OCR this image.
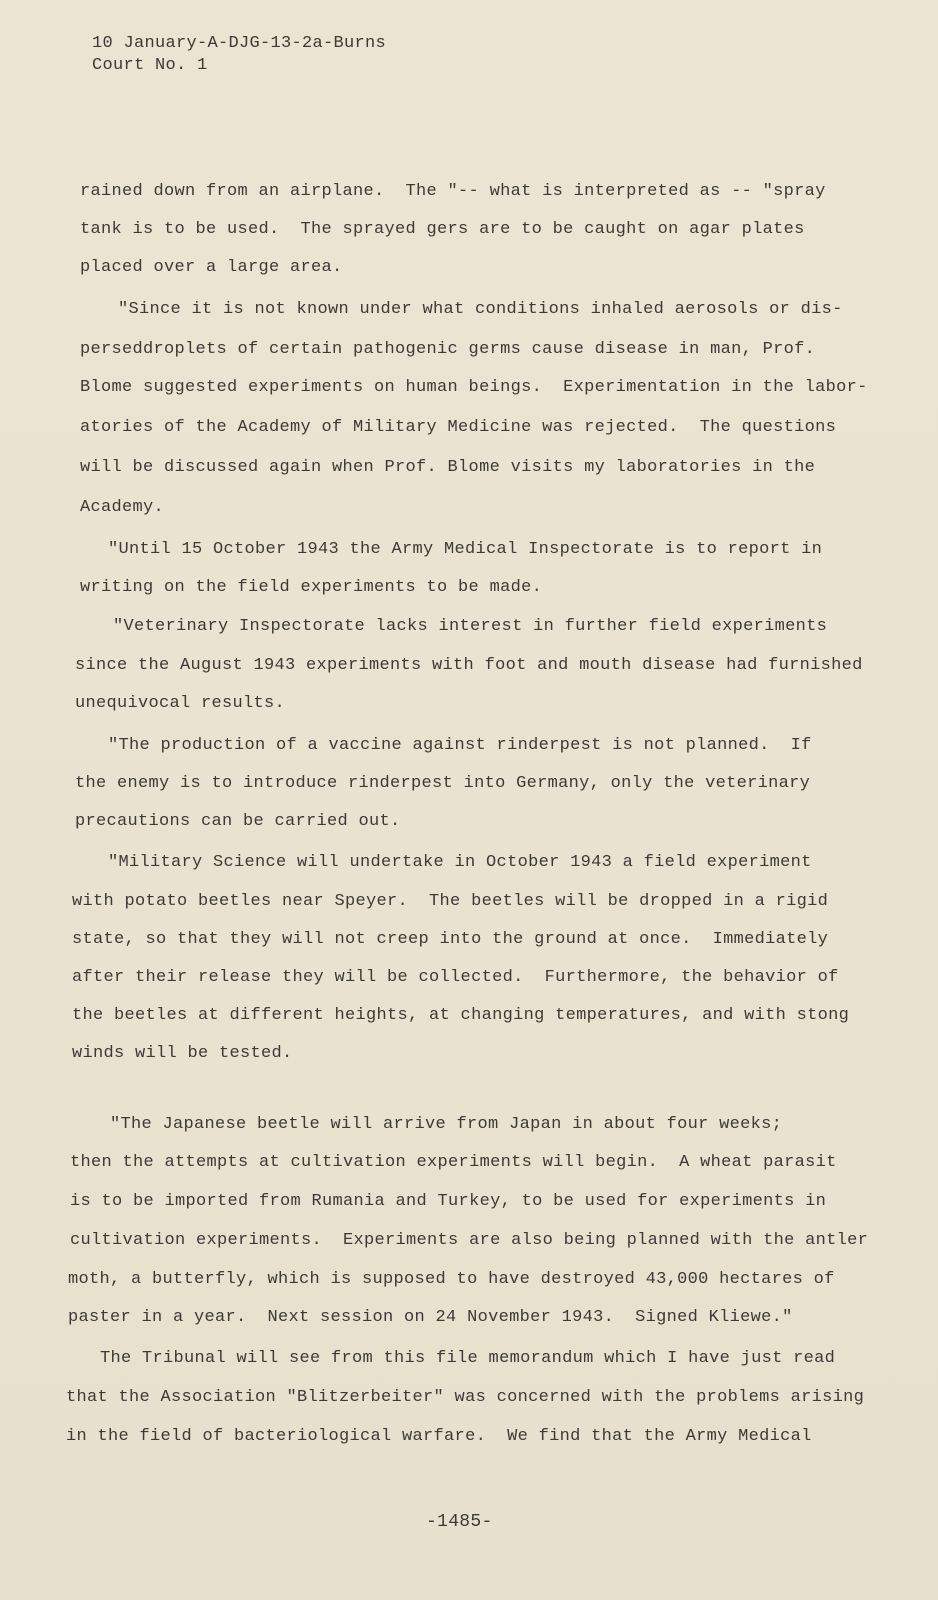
10 January-A-DJG-13-2a-Burns
Court No. 1
rained down from an airplane.  The "-- what is interpreted as -- "spray
tank is to be used.  The sprayed gers are to be caught on agar plates
placed over a large area.
"Since it is not known under what conditions inhaled aerosols or dis-
perseddroplets of certain pathogenic germs cause disease in man, Prof.
Blome suggested experiments on human beings.  Experimentation in the labor-
atories of the Academy of Military Medicine was rejected.  The questions
will be discussed again when Prof. Blome visits my laboratories in the
Academy.
"Until 15 October 1943 the Army Medical Inspectorate is to report in
writing on the field experiments to be made.
"Veterinary Inspectorate lacks interest in further field experiments
since the August 1943 experiments with foot and mouth disease had furnished
unequivocal results.
"The production of a vaccine against rinderpest is not planned.  If
the enemy is to introduce rinderpest into Germany, only the veterinary
precautions can be carried out.
"Military Science will undertake in October 1943 a field experiment
with potato beetles near Speyer.  The beetles will be dropped in a rigid
state, so that they will not creep into the ground at once.  Immediately
after their release they will be collected.  Furthermore, the behavior of
the beetles at different heights, at changing temperatures, and with stong
winds will be tested.
"The Japanese beetle will arrive from Japan in about four weeks;
then the attempts at cultivation experiments will begin.  A wheat parasit
is to be imported from Rumania and Turkey, to be used for experiments in
cultivation experiments.  Experiments are also being planned with the antler
moth, a butterfly, which is supposed to have destroyed 43,000 hectares of
paster in a year.  Next session on 24 November 1943.  Signed Kliewe."
The Tribunal will see from this file memorandum which I have just read
that the Association "Blitzerbeiter" was concerned with the problems arising
in the field of bacteriological warfare.  We find that the Army Medical
-1485-
